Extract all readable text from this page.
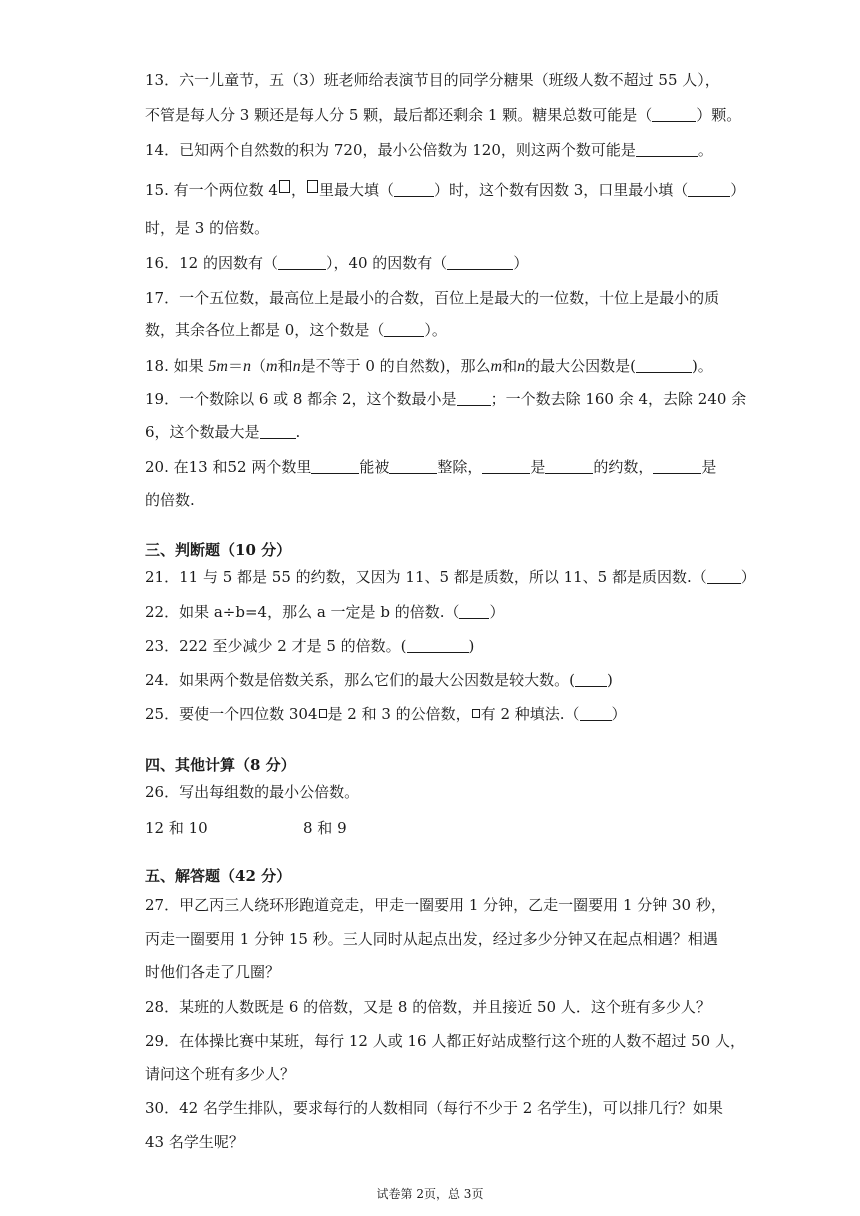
13．六一儿童节，五（3）班老师给表演节目的同学分糖果（班级人数不超过 55 人），
不管是每人分 3 颗还是每人分 5 颗，最后都还剩余 1 颗。糖果总数可能是（	）颗。
14．已知两个自然数的积为 720，最小公倍数为 120，则这两个数可能是	。
15. 有一个两位数 4 ， 里最大填（	）时，这个数有因数 3，口里最小填（	）
时，是 3 的倍数。
16．12 的因数有（	），40 的因数有（	）
17．一个五位数，最高位上是最小的合数，百位上是最大的一位数，十位上是最小的质
数，其余各位上都是 0，这个数是（	）。
18. 如果 5m＝n（m和n是不等于 0 的自然数)，那么m和n的最大公因数是(	)。
19．一个数除以 6 或 8 都余 2，这个数最小是 ；一个数去除 160 余 4，去除 240 余
6，这个数最大是 .
20. 在13 和52 两个数里	能被	整除，	是	的约数，	是
的倍数.
三、判断题（10 分）
21．11 与 5 都是 55 的约数，又因为 11、5 都是质数，所以 11、5 都是质因数.（ ）
22．如果 a÷b=4，那么 a 一定是 b 的倍数.（ ）
23．222 至少减少 2 才是 5 的倍数。(	)
24．如果两个数是倍数关系，那么它们的最大公因数是较大数。( )
25．要使一个四位数 304 是 2 和 3 的公倍数， 有 2 种填法.（ ）
四、其他计算（8 分）
26．写出每组数的最小公倍数。
12 和 10	8 和 9
五、解答题（42 分）
27．甲乙丙三人绕环形跑道竞走，甲走一圈要用 1 分钟，乙走一圈要用 1 分钟 30 秒，
丙走一圈要用 1 分钟 15 秒。三人同时从起点出发，经过多少分钟又在起点相遇？相遇
时他们各走了几圈？
28．某班的人数既是 6 的倍数，又是 8 的倍数，并且接近 50 人．这个班有多少人？
29．在体操比赛中某班，每行 12 人或 16 人都正好站成整行这个班的人数不超过 50 人，
请问这个班有多少人？
30．42 名学生排队，要求每行的人数相同（每行不少于 2 名学生)，可以排几行？如果
43 名学生呢？
试卷第 2页，总 3页
